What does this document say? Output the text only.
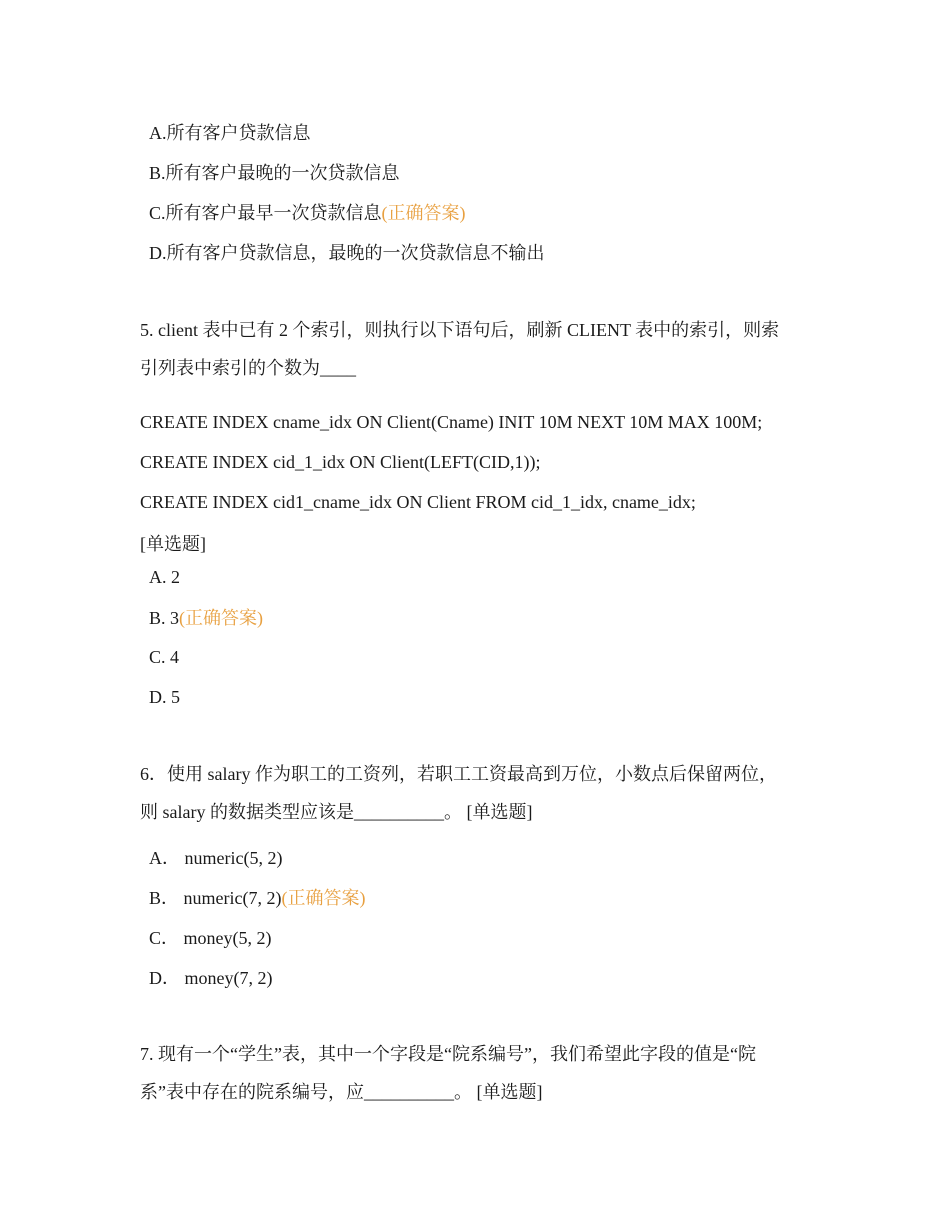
A.所有客户贷款信息
B.所有客户最晚的一次贷款信息
C.所有客户最早一次贷款信息(正确答案)
D.所有客户贷款信息，最晚的一次贷款信息不输出
5. client 表中已有 2 个索引，则执行以下语句后，刷新 CLIENT 表中的索引，则索
引列表中索引的个数为____
CREATE INDEX cname_idx ON Client(Cname) INIT 10M NEXT 10M MAX 100M;
CREATE INDEX cid_1_idx ON Client(LEFT(CID,1));
CREATE INDEX cid1_cname_idx ON Client FROM cid_1_idx, cname_idx;
[单选题]
A. 2
B. 3(正确答案)
C. 4
D. 5
6．使用 salary 作为职工的工资列，若职工工资最高到万位，小数点后保留两位，
则 salary 的数据类型应该是__________。 [单选题]
A． numeric(5, 2)
B． numeric(7, 2)(正确答案)
C． money(5, 2)
D． money(7, 2)
7. 现有一个“学生”表，其中一个字段是“院系编号”，我们希望此字段的值是“院
系”表中存在的院系编号，应__________。 [单选题]
